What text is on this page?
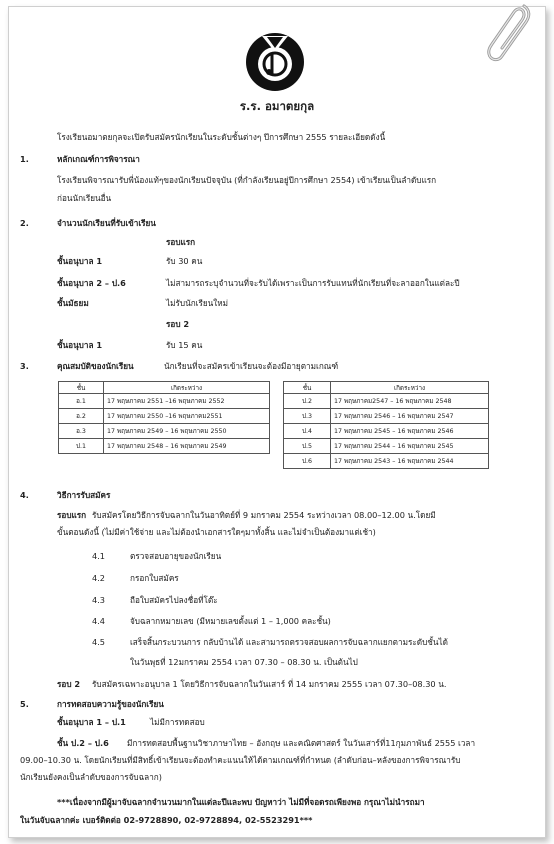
ร.ร. อมาตยกุล
โรงเรียนอมาตยกุลจะเปิดรับสมัครนักเรียนในระดับชั้นต่างๆ ปีการศึกษา 2555 รายละเอียดดังนี้
1.	หลักเกณฑ์การพิจารณา
โรงเรียนพิจารณารับพี่น้องแท้ๆของนักเรียนปัจจุบัน (ที่กำลังเรียนอยู่ปีการศึกษา 2554) เข้าเรียนเป็นลำดับแรก
ก่อนนักเรียนอื่น
2.	จำนวนนักเรียนที่รับเข้าเรียน
รอบแรก
ชั้นอนุบาล 1	รับ 30 คน
ชั้นอนุบาล 2 – ป.6	ไม่สามารถระบุจำนวนที่จะรับได้เพราะเป็นการรับแทนที่นักเรียนที่จะลาออกในแต่ละปี
ชั้นมัธยม	ไม่รับนักเรียนใหม่
รอบ 2
ชั้นอนุบาล 1	รับ 15 คน
3.	คุณสมบัติของนักเรียน	นักเรียนที่จะสมัครเข้าเรียนจะต้องมีอายุตามเกณฑ์
ชั้น	เกิดระหว่าง
อ.1	17 พฤษภาคม 2551 –16 พฤษภาคม 2552
อ.2	17 พฤษภาคม 2550 –16 พฤษภาคม2551
อ.3	17 พฤษภาคม 2549 – 16 พฤษภาคม 2550
ป.1	17 พฤษภาคม 2548 – 16 พฤษภาคม 2549
ชั้น	เกิดระหว่าง
ป.2	17 พฤษภาคม2547 – 16 พฤษภาคม 2548
ป.3	17 พฤษภาคม 2546 – 16 พฤษภาคม 2547
ป.4	17 พฤษภาคม 2545 – 16 พฤษภาคม 2546
ป.5	17 พฤษภาคม 2544 – 16 พฤษภาคม 2545
ป.6	17 พฤษภาคม 2543 – 16 พฤษภาคม 2544
4.	วิธีการรับสมัคร
รอบแรก รับสมัครโดยวิธีการจับฉลากในวันอาทิตย์ที่ 9 มกราคม 2554 ระหว่างเวลา 08.00–12.00 น.โดยมี
ขั้นตอนดังนี้ (ไม่มีค่าใช้จ่าย และไม่ต้องนำเอกสารใดๆมาทั้งสิ้น และไม่จำเป็นต้องมาแต่เช้า)
4.1	ตรวจสอบอายุของนักเรียน
4.2	กรอกใบสมัคร
4.3	ถือใบสมัครไปลงชื่อที่โต๊ะ
4.4	จับฉลากหมายเลข (มีหมายเลขตั้งแต่ 1 – 1,000 คละชั้น)
4.5	เสร็จสิ้นกระบวนการ กลับบ้านได้ และสามารถตรวจสอบผลการจับฉลากแยกตามระดับชั้นได้
ในวันพุธที่ 12มกราคม 2554 เวลา 07.30 – 08.30 น. เป็นต้นไป
รอบ 2 รับสมัครเฉพาะอนุบาล 1 โดยวิธีการจับฉลากในวันเสาร์ ที่ 14 มกราคม 2555 เวลา 07.30–08.30 น.
5.	การทดสอบความรู้ของนักเรียน
ชั้นอนุบาล 1 – ป.1	ไม่มีการทดสอบ
ชั้น ป.2 – ป.6 มีการทดสอบพื้นฐานวิชาภาษาไทย – อังกฤษ และคณิตศาสตร์ ในวันเสาร์ที่11กุมภาพันธ์ 2555 เวลา
09.00–10.30 น. โดยนักเรียนที่มีสิทธิ์เข้าเรียนจะต้องทำคะแนนให้ได้ตามเกณฑ์ที่กำหนด (ลำดับก่อน–หลังของการพิจารณารับ
นักเรียนยังคงเป็นลำดับของการจับฉลาก)
***เนื่องจากมีผู้มาจับฉลากจำนวนมากในแต่ละปีและพบ ปัญหาว่า ไม่มีที่จอดรถเพียงพอ กรุณาไม่นำรถมา
ในวันจับฉลากค่ะ เบอร์ติดต่อ 02-9728890, 02-9728894, 02-5523291***
